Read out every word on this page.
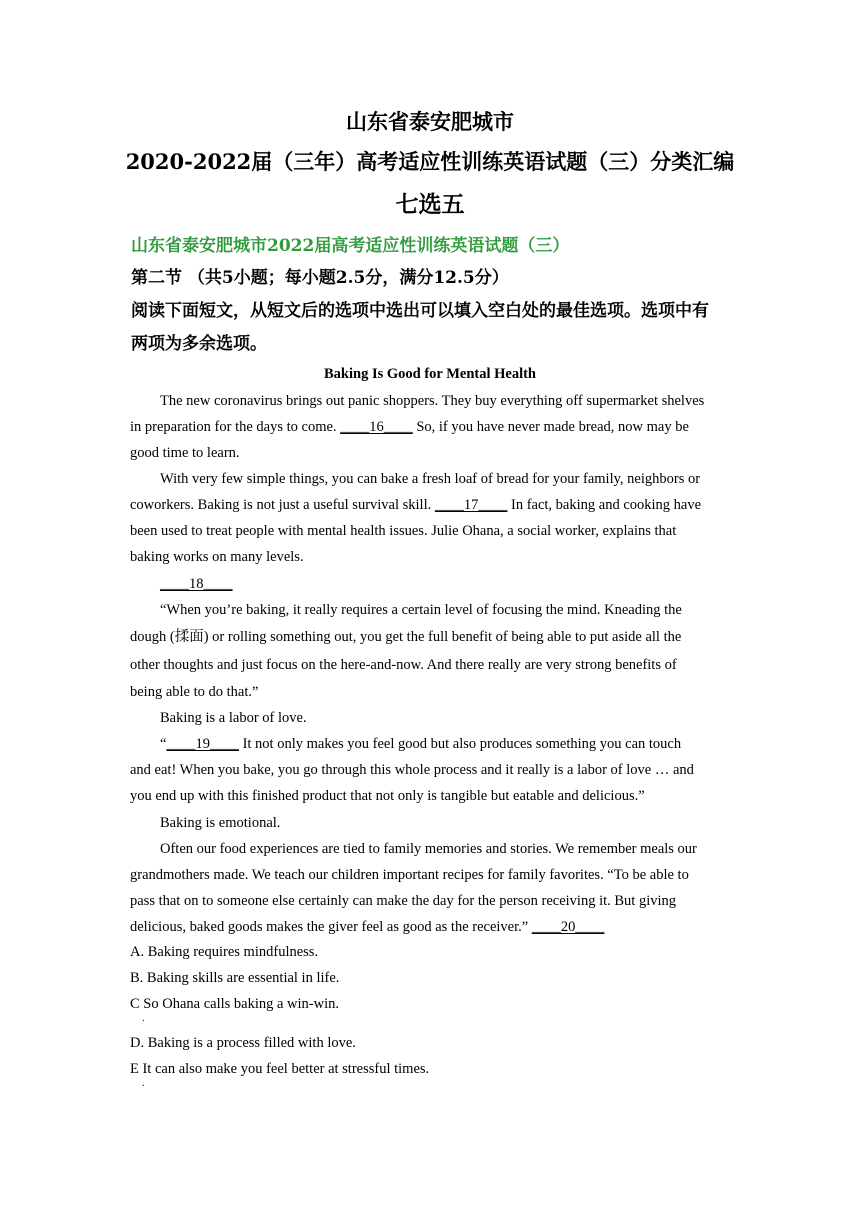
山东省泰安肥城市
2020-2022届（三年）高考适应性训练英语试题（三）分类汇编
七选五
山东省泰安肥城市2022届高考适应性训练英语试题（三）
第二节 （共5小题；每小题2.5分，满分12.5分）
阅读下面短文，从短文后的选项中选出可以填入空白处的最佳选项。选项中有
两项为多余选项。
Baking Is Good for Mental Health
The new coronavirus brings out panic shoppers. They buy everything off supermarket shelves
in preparation for the days to come. ____16____ So, if you have never made bread, now may be
good time to learn.
With very few simple things, you can bake a fresh loaf of bread for your family, neighbors or
coworkers. Baking is not just a useful survival skill. ____17____ In fact, baking and cooking have
been used to treat people with mental health issues. Julie Ohana, a social worker, explains that
baking works on many levels.
____18____
“When you’re baking, it really requires a certain level of focusing the mind. Kneading the
dough (揉面) or rolling something out, you get the full benefit of being able to put aside all the
other thoughts and just focus on the here-and-now. And there really are very strong benefits of
being able to do that.”
Baking is a labor of love.
“____19____ It not only makes you feel good but also produces something you can touch
and eat! When you bake, you go through this whole process and it really is a labor of love … and
you end up with this finished product that not only is tangible but eatable and delicious.”
Baking is emotional.
Often our food experiences are tied to family memories and stories. We remember meals our
grandmothers made. We teach our children important recipes for family favorites. “To be able to
pass that on to someone else certainly can make the day for the person receiving it. But giving
delicious, baked goods makes the giver feel as good as the receiver.” ____20____
A. Baking requires mindfulness.
B. Baking skills are essential in life.
C So Ohana calls baking a win-win.
.
D. Baking is a process filled with love.
E It can also make you feel better at stressful times.
.
